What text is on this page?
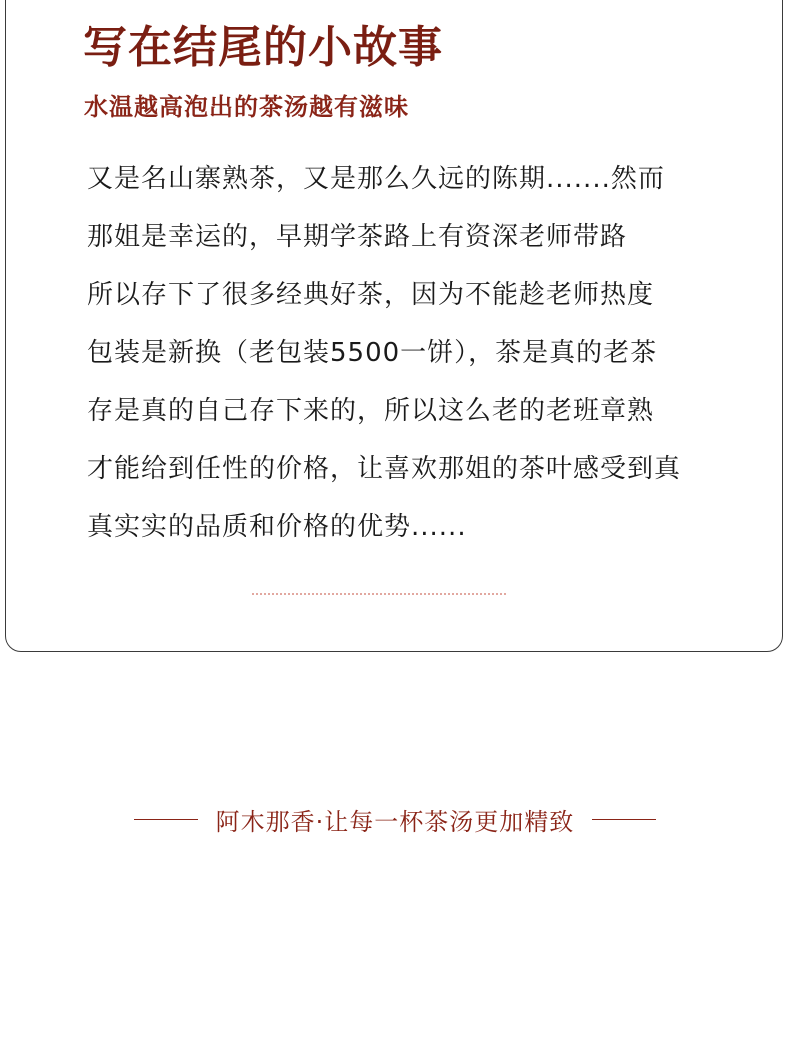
写在结尾的小故事
水温越高泡出的茶汤越有滋味
又是名山寨熟茶，又是那么久远的陈期.......然而
那姐是幸运的，早期学茶路上有资深老师带路
所以存下了很多经典好茶，因为不能趁老师热度
包装是新换（老包装5500一饼），茶是真的老茶
存是真的自己存下来的，所以这么老的老班章熟
才能给到任性的价格，让喜欢那姐的茶叶感受到真
真实实的品质和价格的优势......

阿木那香·让每一杯茶汤更加精致
